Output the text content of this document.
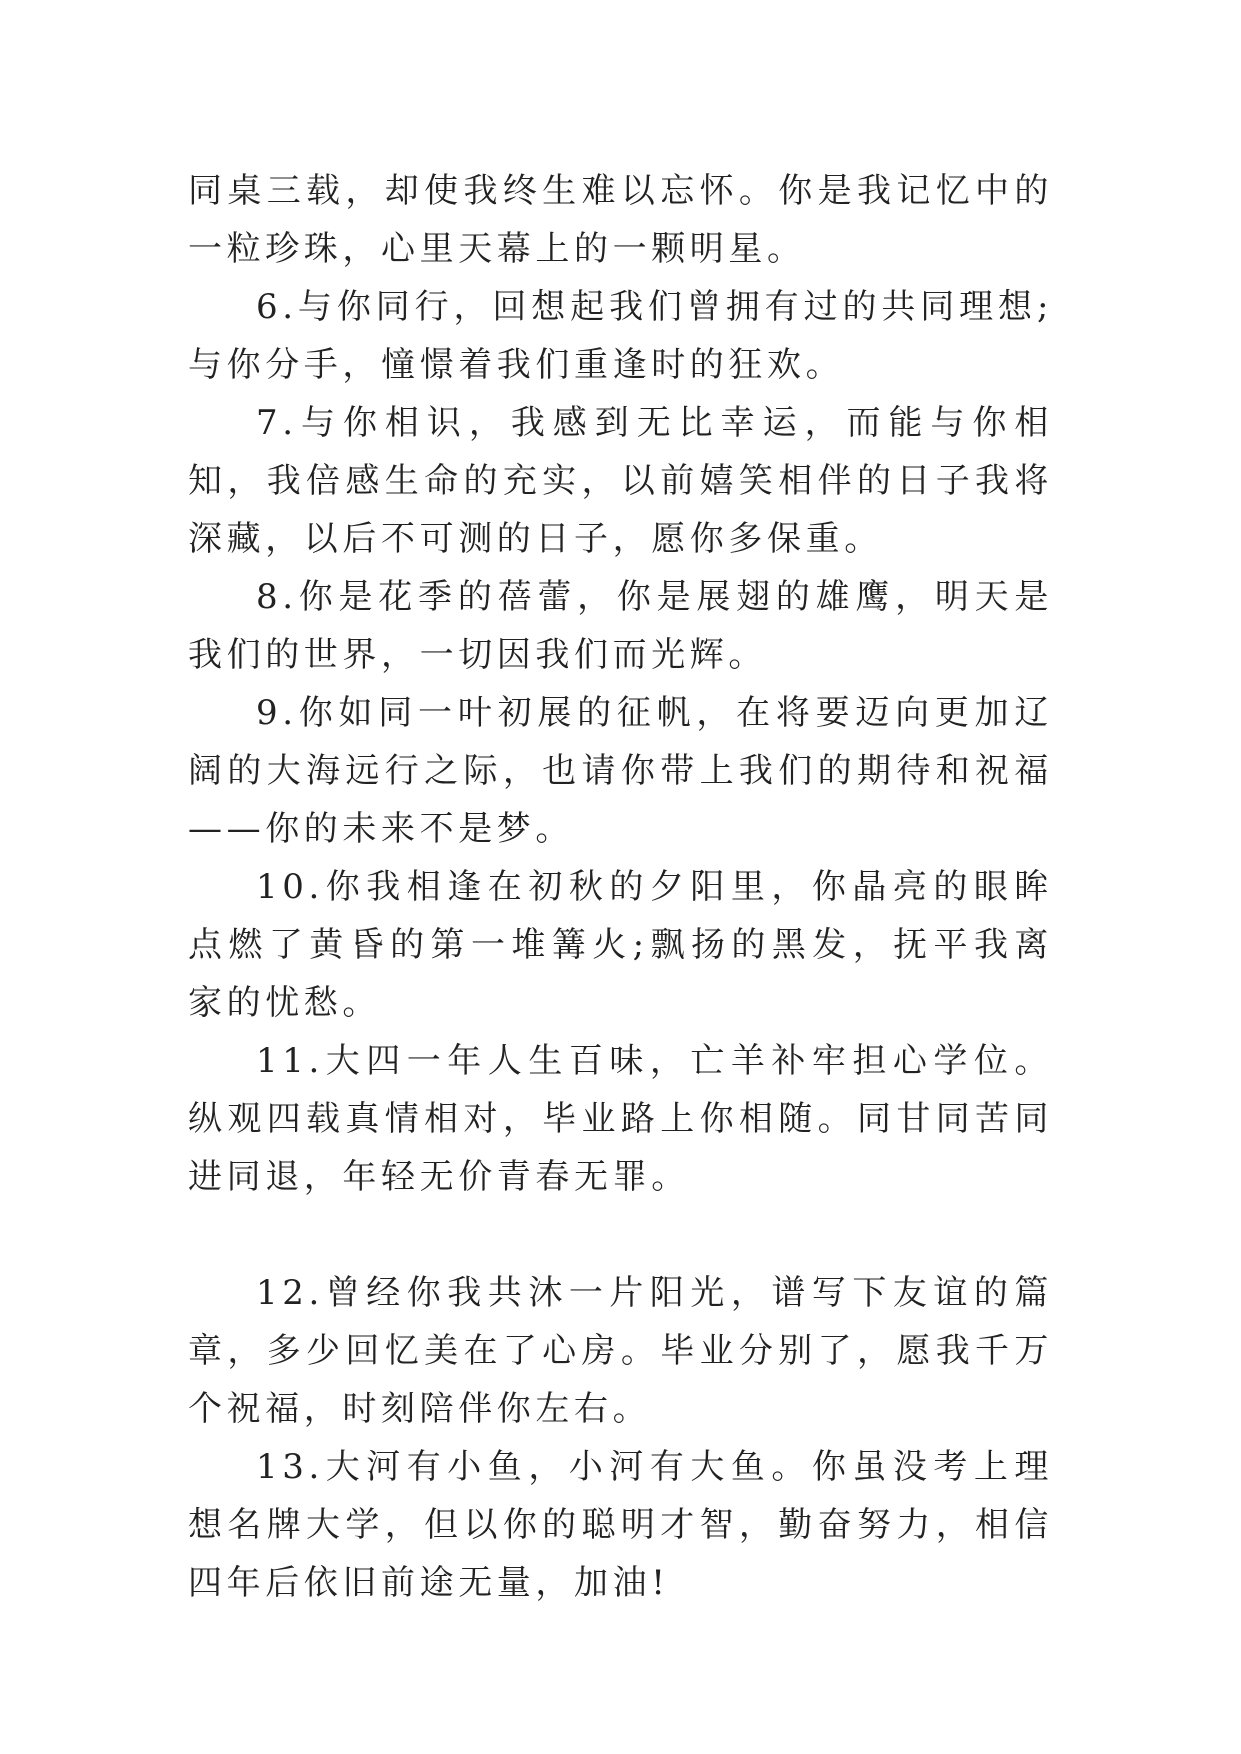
同桌三载，却使我终生难以忘怀。你是我记忆中的一粒珍珠，心里天幕上的一颗明星。

6.与你同行，回想起我们曾拥有过的共同理想;与你分手，憧憬着我们重逢时的狂欢。

7.与你相识，我感到无比幸运，而能与你相知，我倍感生命的充实，以前嬉笑相伴的日子我将深藏，以后不可测的日子，愿你多保重。

8.你是花季的蓓蕾，你是展翅的雄鹰，明天是我们的世界，一切因我们而光辉。

9.你如同一叶初展的征帆，在将要迈向更加辽阔的大海远行之际，也请你带上我们的期待和祝福——你的未来不是梦。

10.你我相逢在初秋的夕阳里，你晶亮的眼眸点燃了黄昏的第一堆篝火;飘扬的黑发，抚平我离家的忧愁。

11.大四一年人生百味，亡羊补牢担心学位。纵观四载真情相对，毕业路上你相随。同甘同苦同进同退，年轻无价青春无罪。

12.曾经你我共沐一片阳光，谱写下友谊的篇章，多少回忆美在了心房。毕业分别了，愿我千万个祝福，时刻陪伴你左右。

13.大河有小鱼，小河有大鱼。你虽没考上理想名牌大学，但以你的聪明才智，勤奋努力，相信四年后依旧前途无量，加油!
